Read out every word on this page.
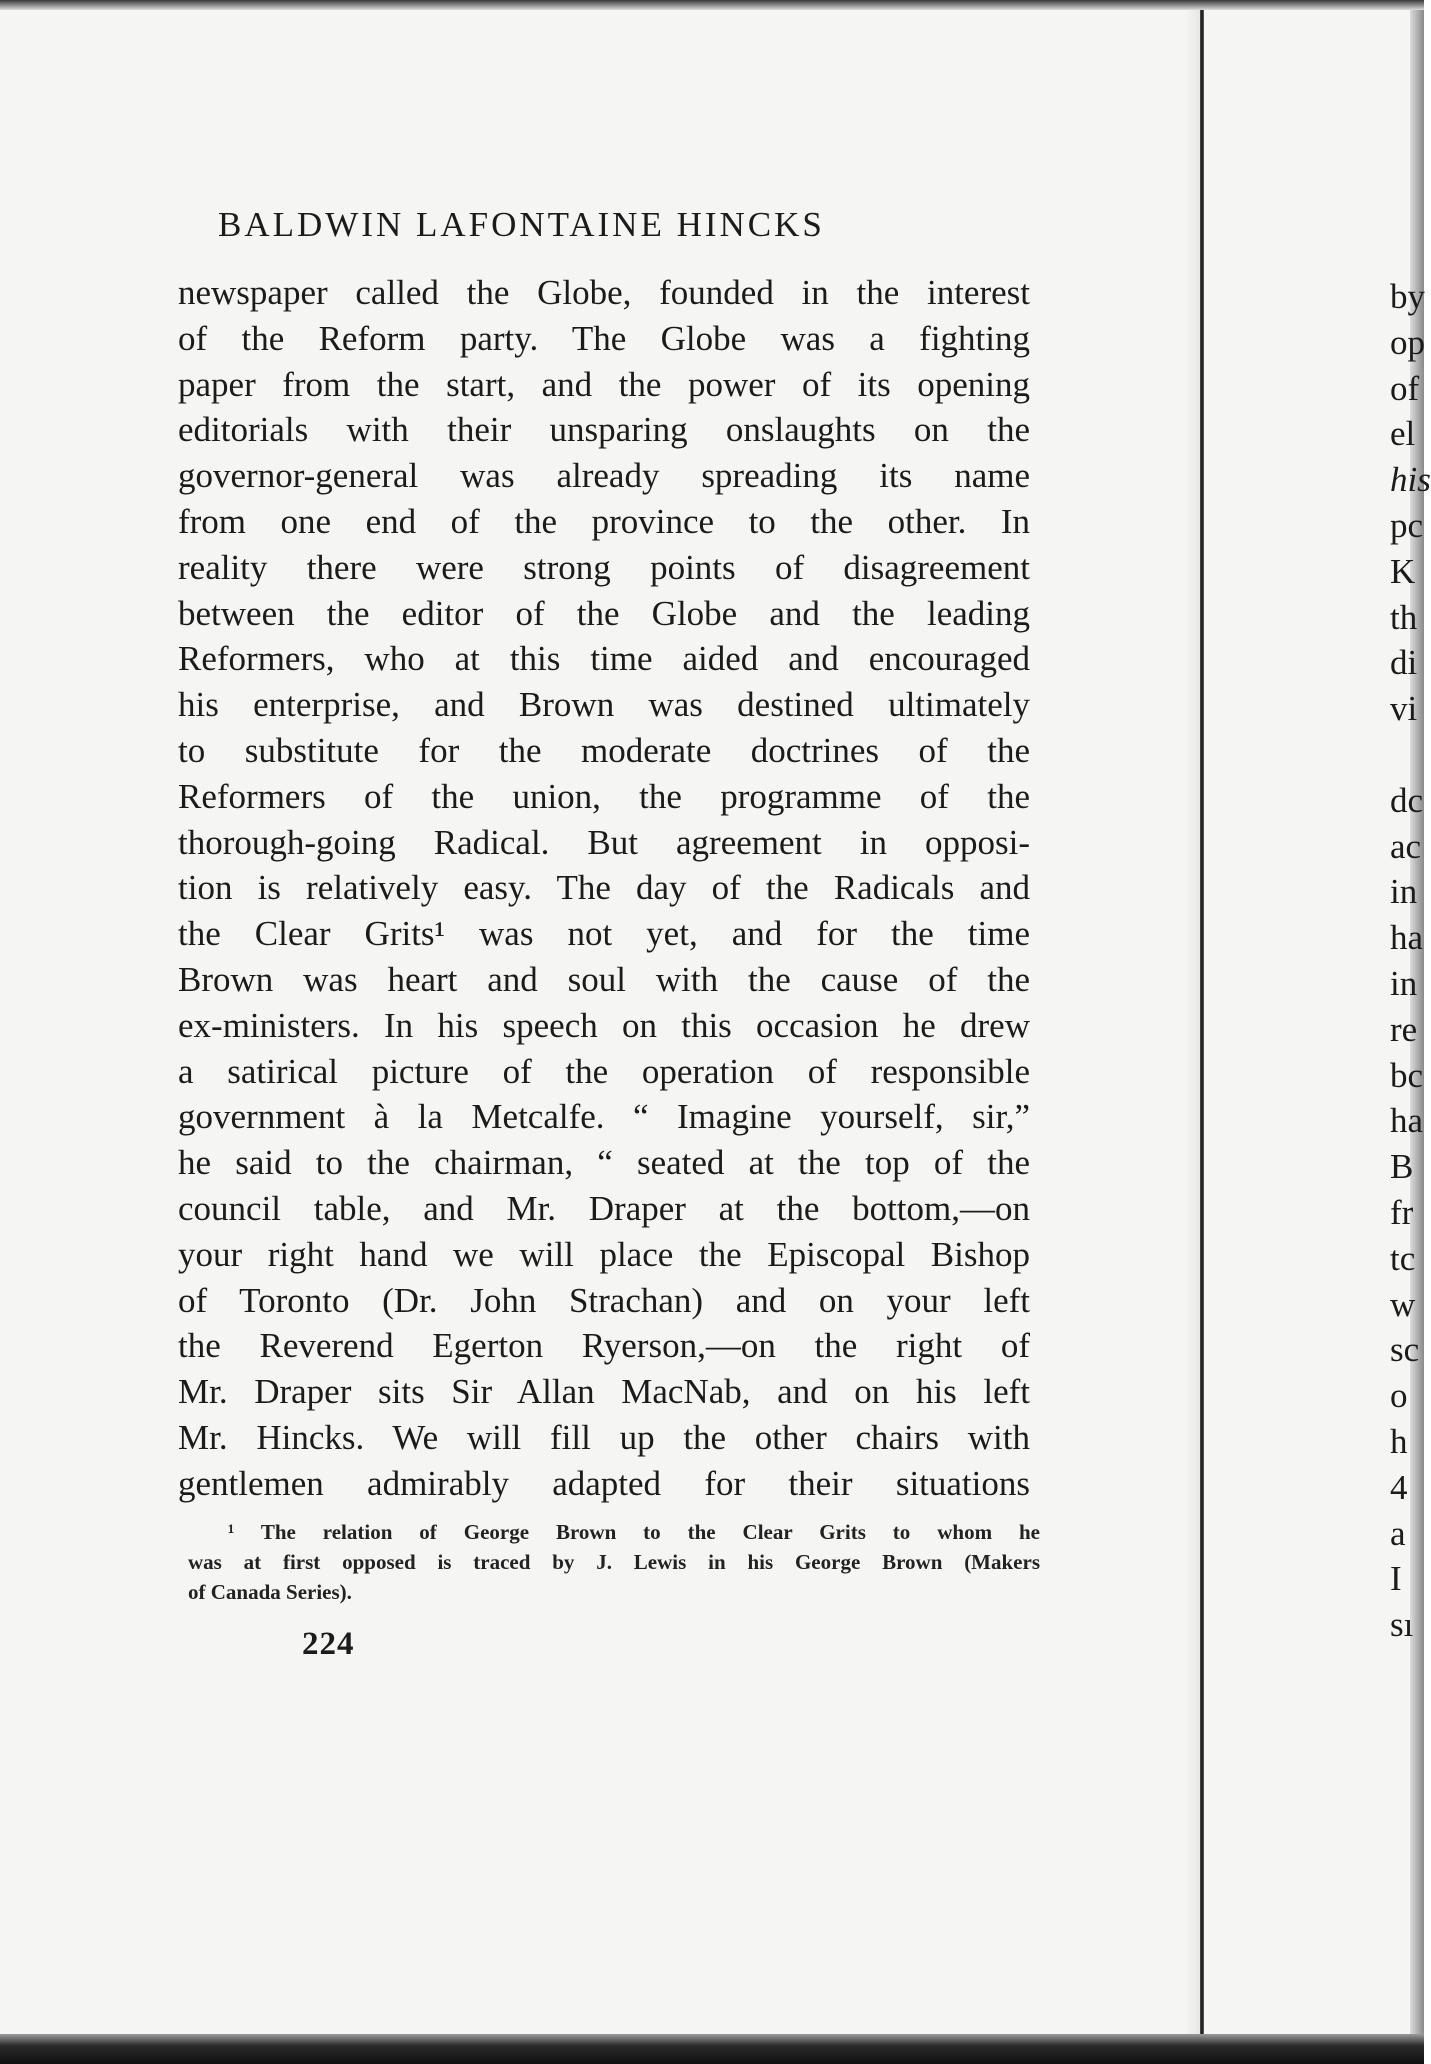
BALDWIN LAFONTAINE HINCKS
newspaper called the Globe, founded in the interest
of the Reform party. The Globe was a fighting
paper from the start, and the power of its opening
editorials with their unsparing onslaughts on the
governor-general was already spreading its name
from one end of the province to the other. In
reality there were strong points of disagreement
between the editor of the Globe and the leading
Reformers, who at this time aided and encouraged
his enterprise, and Brown was destined ultimately
to substitute for the moderate doctrines of the
Reformers of the union, the programme of the
thorough-going Radical. But agreement in opposi-
tion is relatively easy. The day of the Radicals and
the Clear Grits¹ was not yet, and for the time
Brown was heart and soul with the cause of the
ex-ministers. In his speech on this occasion he drew
a satirical picture of the operation of responsible
government à la Metcalfe. “ Imagine yourself, sir,”
he said to the chairman, “ seated at the top of the
council table, and Mr. Draper at the bottom,—on
your right hand we will place the Episcopal Bishop
of Toronto (Dr. John Strachan) and on your left
the Reverend Egerton Ryerson,—on the right of
Mr. Draper sits Sir Allan MacNab, and on his left
Mr. Hincks. We will fill up the other chairs with
gentlemen admirably adapted for their situations
¹ The relation of George Brown to the Clear Grits to whom he
was at first opposed is traced by J. Lewis in his George Brown (Makers
of Canada Series).
224
by
op
of
el
his
pc
K
th
di
vi
dc
ac
in
ha
in
re
bc
ha
B
fr
tc
w
sc
o
h
4
a
I
sı
